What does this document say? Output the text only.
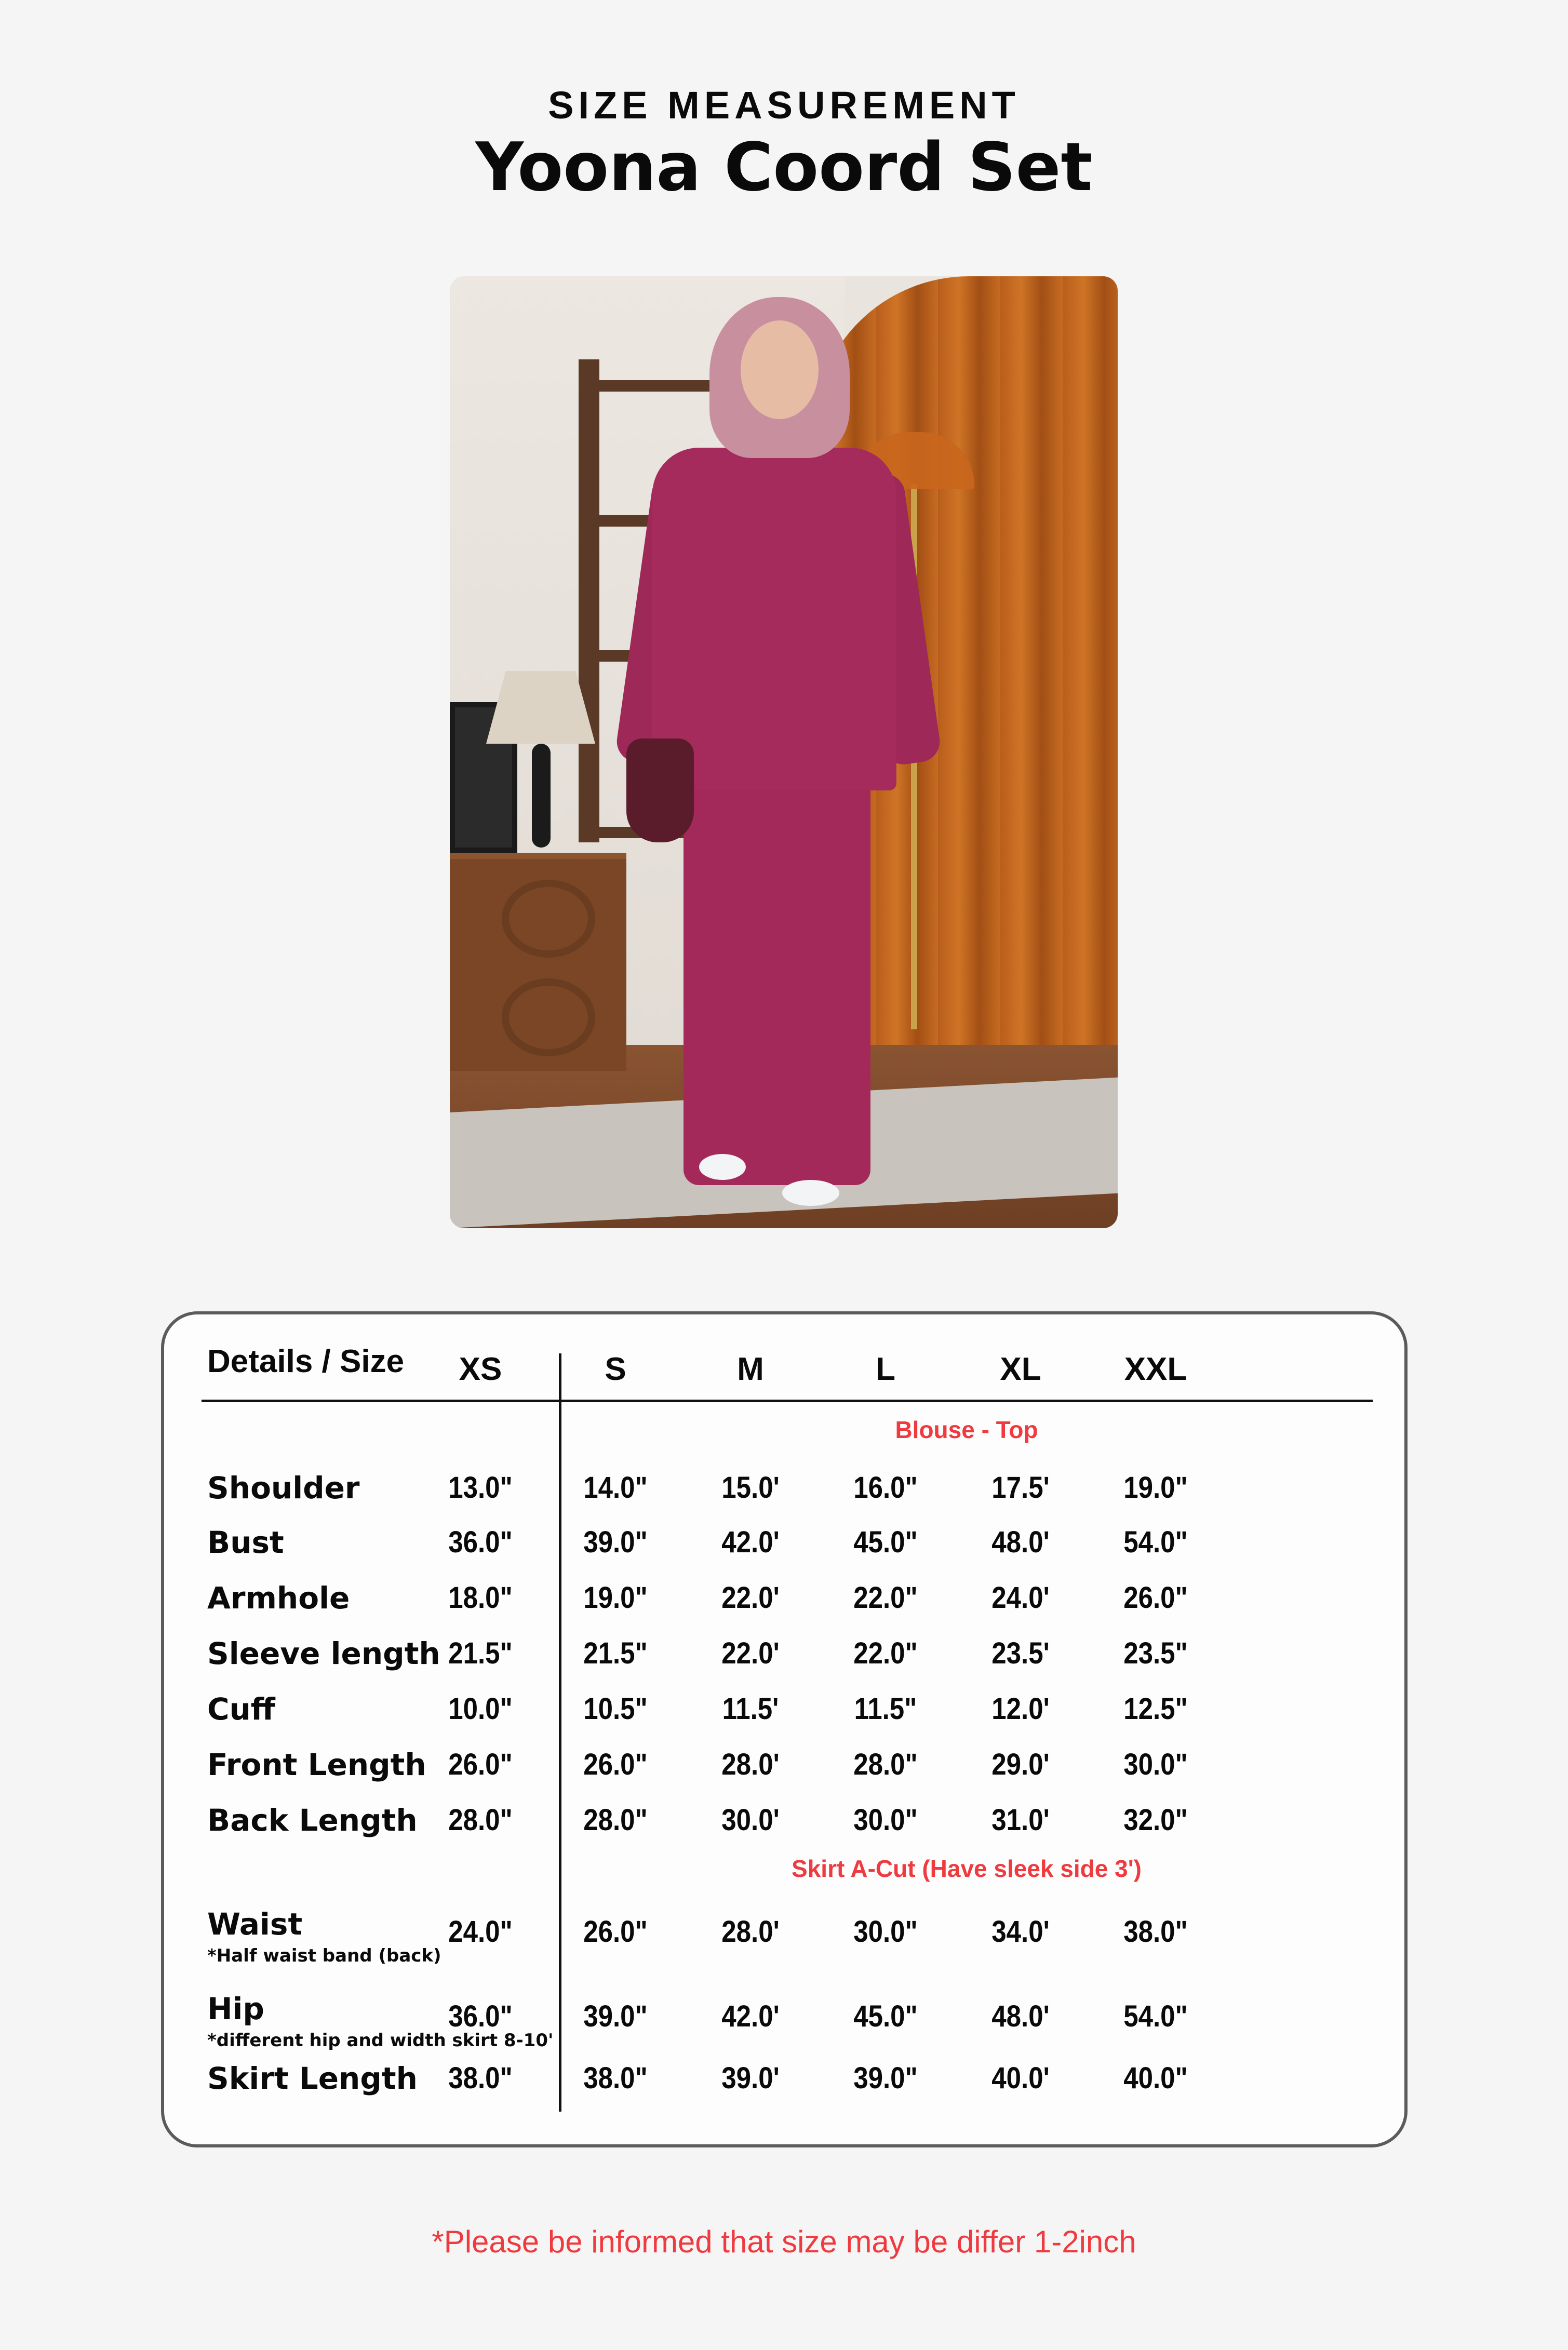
SIZE MEASUREMENT
Yoona Coord Set
Details / Size	XS	S	M	L	XL	XXL
Blouse - Top
Shoulder	13.0"	14.0"	15.0'	16.0"	17.5'	19.0"
Bust	36.0"	39.0"	42.0'	45.0"	48.0'	54.0"
Armhole	18.0"	19.0"	22.0'	22.0"	24.0'	26.0"
Sleeve length 21.5"	21.5"	22.0'	22.0"	23.5'	23.5"
Cuff	10.0"	10.5"	11.5'	11.5"	12.0'	12.5"
Front Length 26.0"	26.0"	28.0'	28.0"	29.0'	30.0"
Back Length	28.0"	28.0"	30.0'	30.0"	31.0'	32.0"
Skirt A-Cut (Have sleek side 3')
Waist
*Half waist band (back)
24.0"	26.0"	28.0'	30.0"	34.0'	38.0"
Hip
*different hip and width skirt 8-10'
36.0"	39.0"	42.0'	45.0"	48.0'	54.0"
Skirt Length	38.0"	38.0"	39.0'	39.0"	40.0'	40.0"
*Please be informed that size may be differ 1-2inch
